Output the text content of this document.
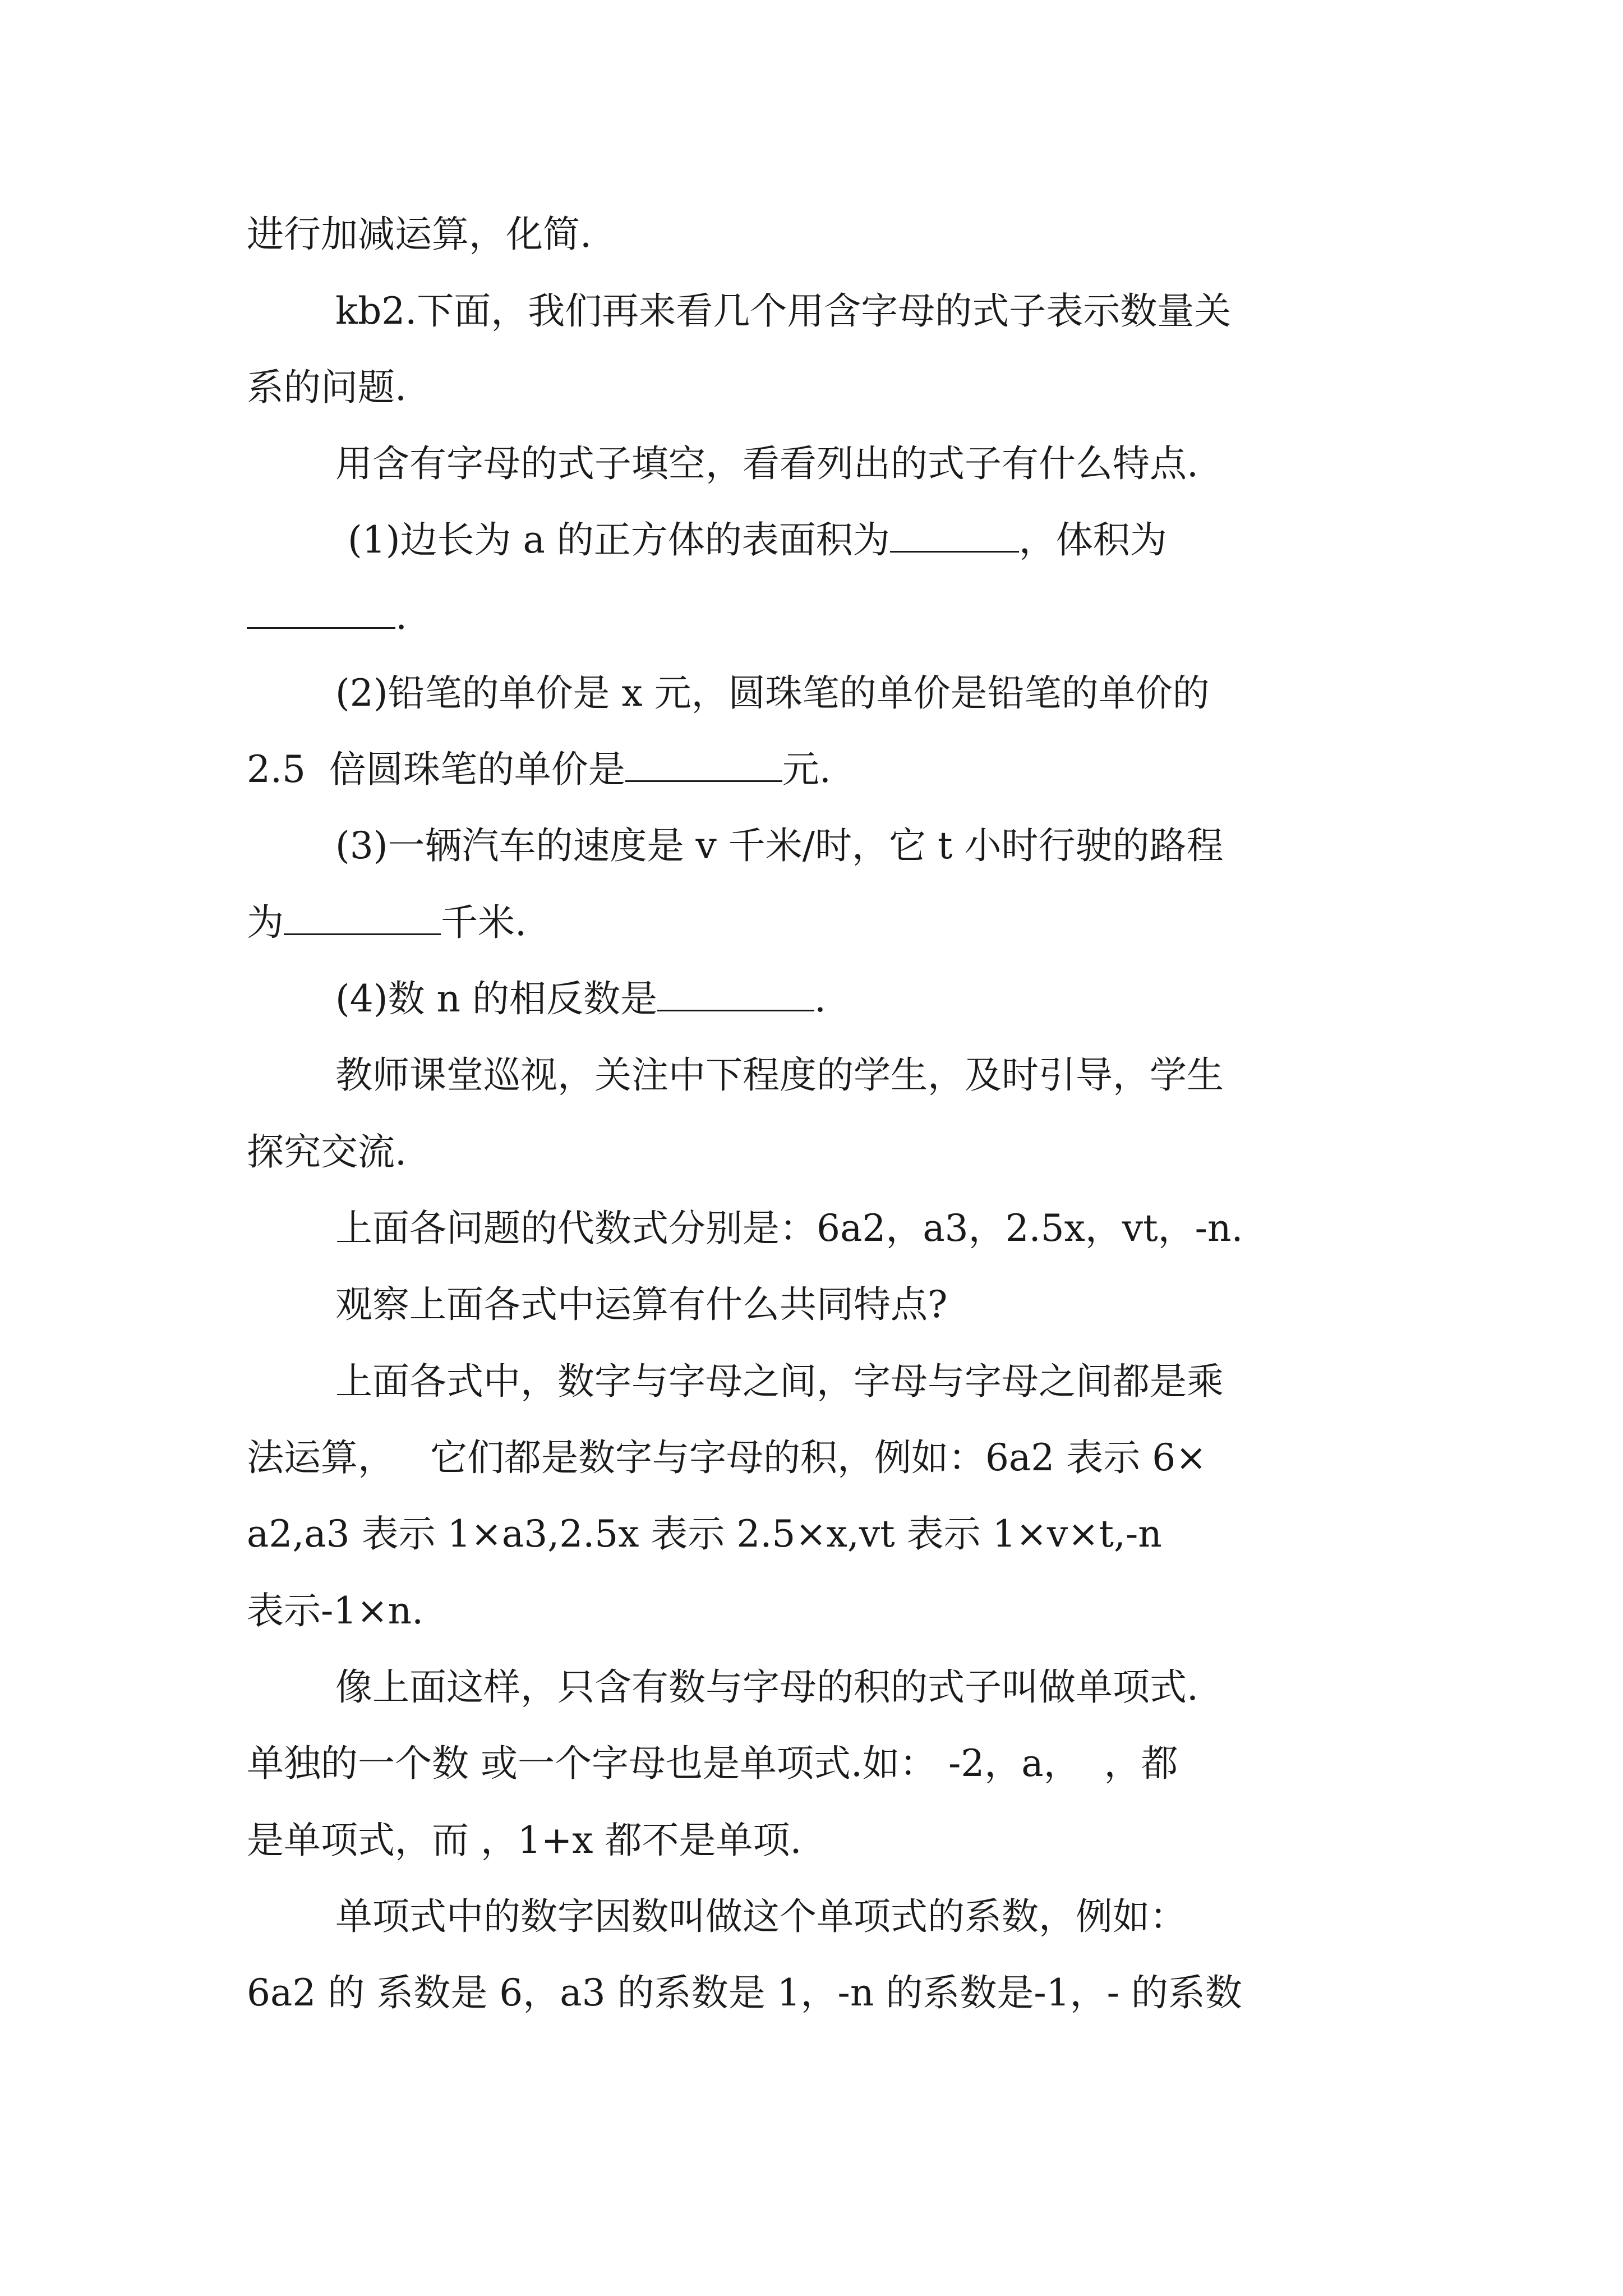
进行加减运算，化简.
kb2.下面，我们再来看几个用含字母的式子表示数量关
系的问题.
用含有字母的式子填空，看看列出的式子有什么特点.
(1)边长为 a 的正方体的表面积为	，体积为
.
(2)铅笔的单价是 x 元，圆珠笔的单价是铅笔的单价的
2.5  倍圆珠笔的单价是	元.
(3)一辆汽车的速度是 v 千米/时，它 t 小时行驶的路程
为	千米.
(4)数 n 的相反数是	.
教师课堂巡视，关注中下程度的学生，及时引导，学生
探究交流.
上面各问题的代数式分别是：6a2，a3，2.5x，vt，-n.
观察上面各式中运算有什么共同特点?
上面各式中，数字与字母之间，字母与字母之间都是乘
法运算，   它们都是数字与字母的积，例如：6a2 表示 6×
a2,a3 表示 1×a3,2.5x 表示 2.5×x,vt 表示 1×v×t,-n
表示-1×n.
像上面这样，只含有数与字母的积的式子叫做单项式.
单独的一个数 或一个字母也是单项式.如： -2，a，  ，都
是单项式，而 ，1+x 都不是单项.
单项式中的数字因数叫做这个单项式的系数，例如：
6a2 的 系数是 6，a3 的系数是 1，-n 的系数是-1，- 的系数
